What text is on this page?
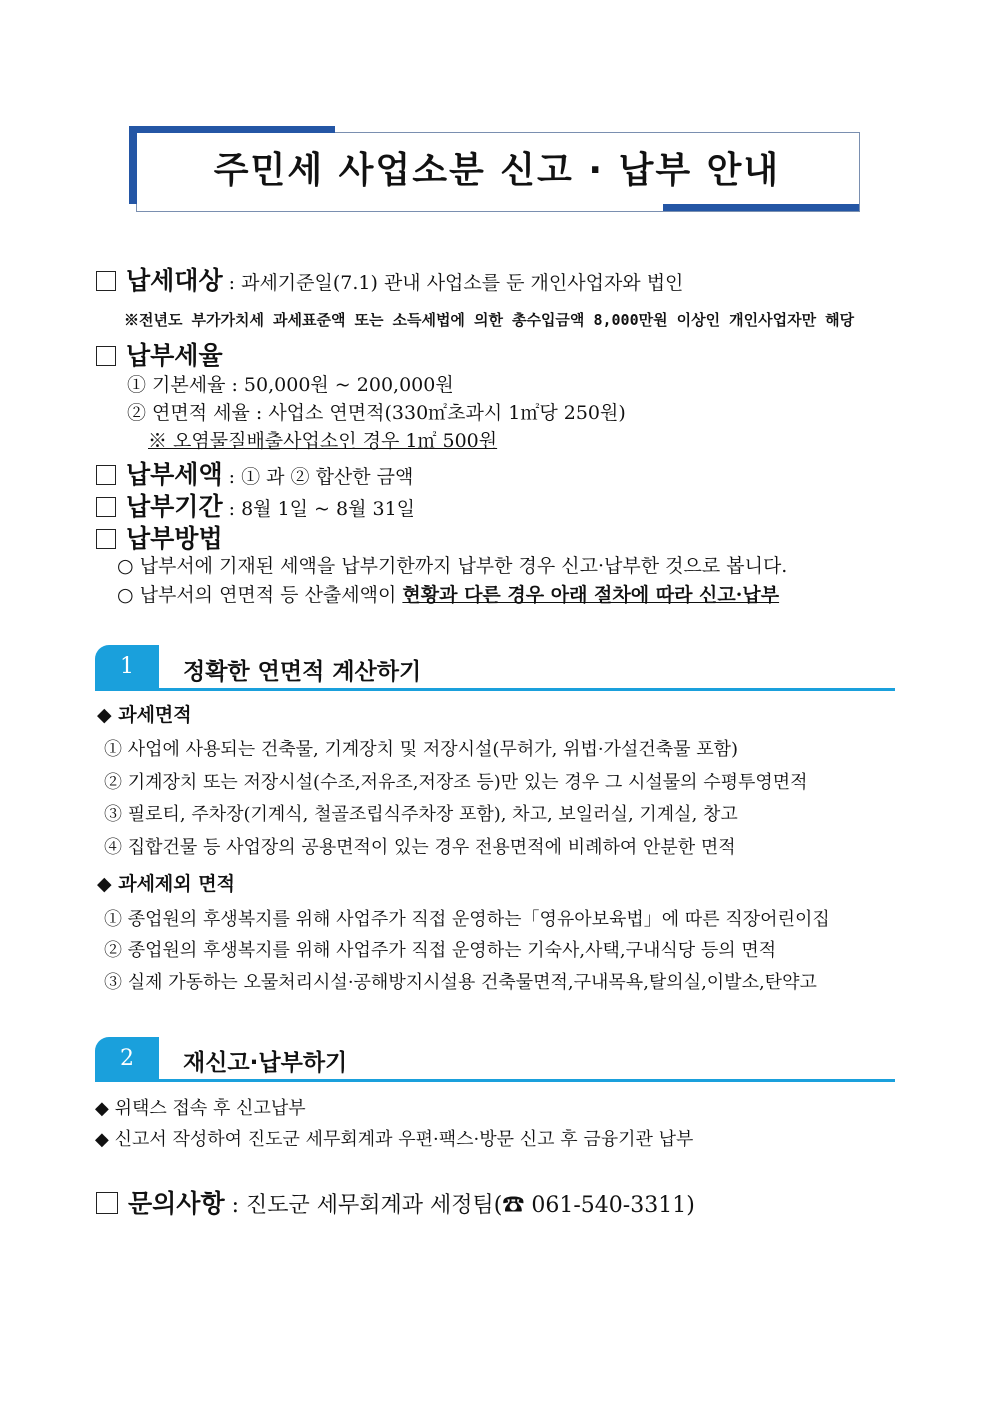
주민세 사업소분 신고 · 납부 안내
납세대상 : 과세기준일(7.1) 관내 사업소를 둔 개인사업자와 법인
※전년도 부가가치세 과세표준액 또는 소득세법에 의한 총수입금액 8,000만원 이상인 개인사업자만 해당
납부세율
① 기본세율 : 50,000원 ~ 200,000원
② 연면적 세율 : 사업소 연면적(330㎡초과시 1㎡당 250원)
※ 오염물질배출사업소인 경우 1㎡ 500원
납부세액 : ① 과 ② 합산한 금액
납부기간 : 8월 1일 ~ 8월 31일
납부방법
○ 납부서에 기재된 세액을 납부기한까지 납부한 경우 신고·납부한 것으로 봅니다.
○ 납부서의 연면적 등 산출세액이 현황과 다른 경우 아래 절차에 따라 신고·납부
1	정확한 연면적 계산하기
◆ 과세면적
① 사업에 사용되는 건축물, 기계장치 및 저장시설(무허가, 위법·가설건축물 포함)
② 기계장치 또는 저장시설(수조,저유조,저장조 등)만 있는 경우 그 시설물의 수평투영면적
③ 필로티, 주차장(기계식, 철골조립식주차장 포함), 차고, 보일러실, 기계실, 창고
④ 집합건물 등 사업장의 공용면적이 있는 경우 전용면적에 비례하여 안분한 면적
◆ 과세제외 면적
① 종업원의 후생복지를 위해 사업주가 직접 운영하는「영유아보육법」에 따른 직장어린이집
② 종업원의 후생복지를 위해 사업주가 직접 운영하는 기숙사,사택,구내식당 등의 면적
③ 실제 가동하는 오물처리시설·공해방지시설용 건축물면적,구내목욕,탈의실,이발소,탄약고
2	재신고·납부하기
◆ 위택스 접속 후 신고납부
◆ 신고서 작성하여 진도군 세무회계과 우편·팩스·방문 신고 후 금융기관 납부
문의사항 : 진도군 세무회계과 세정팀(☎ 061-540-3311)
